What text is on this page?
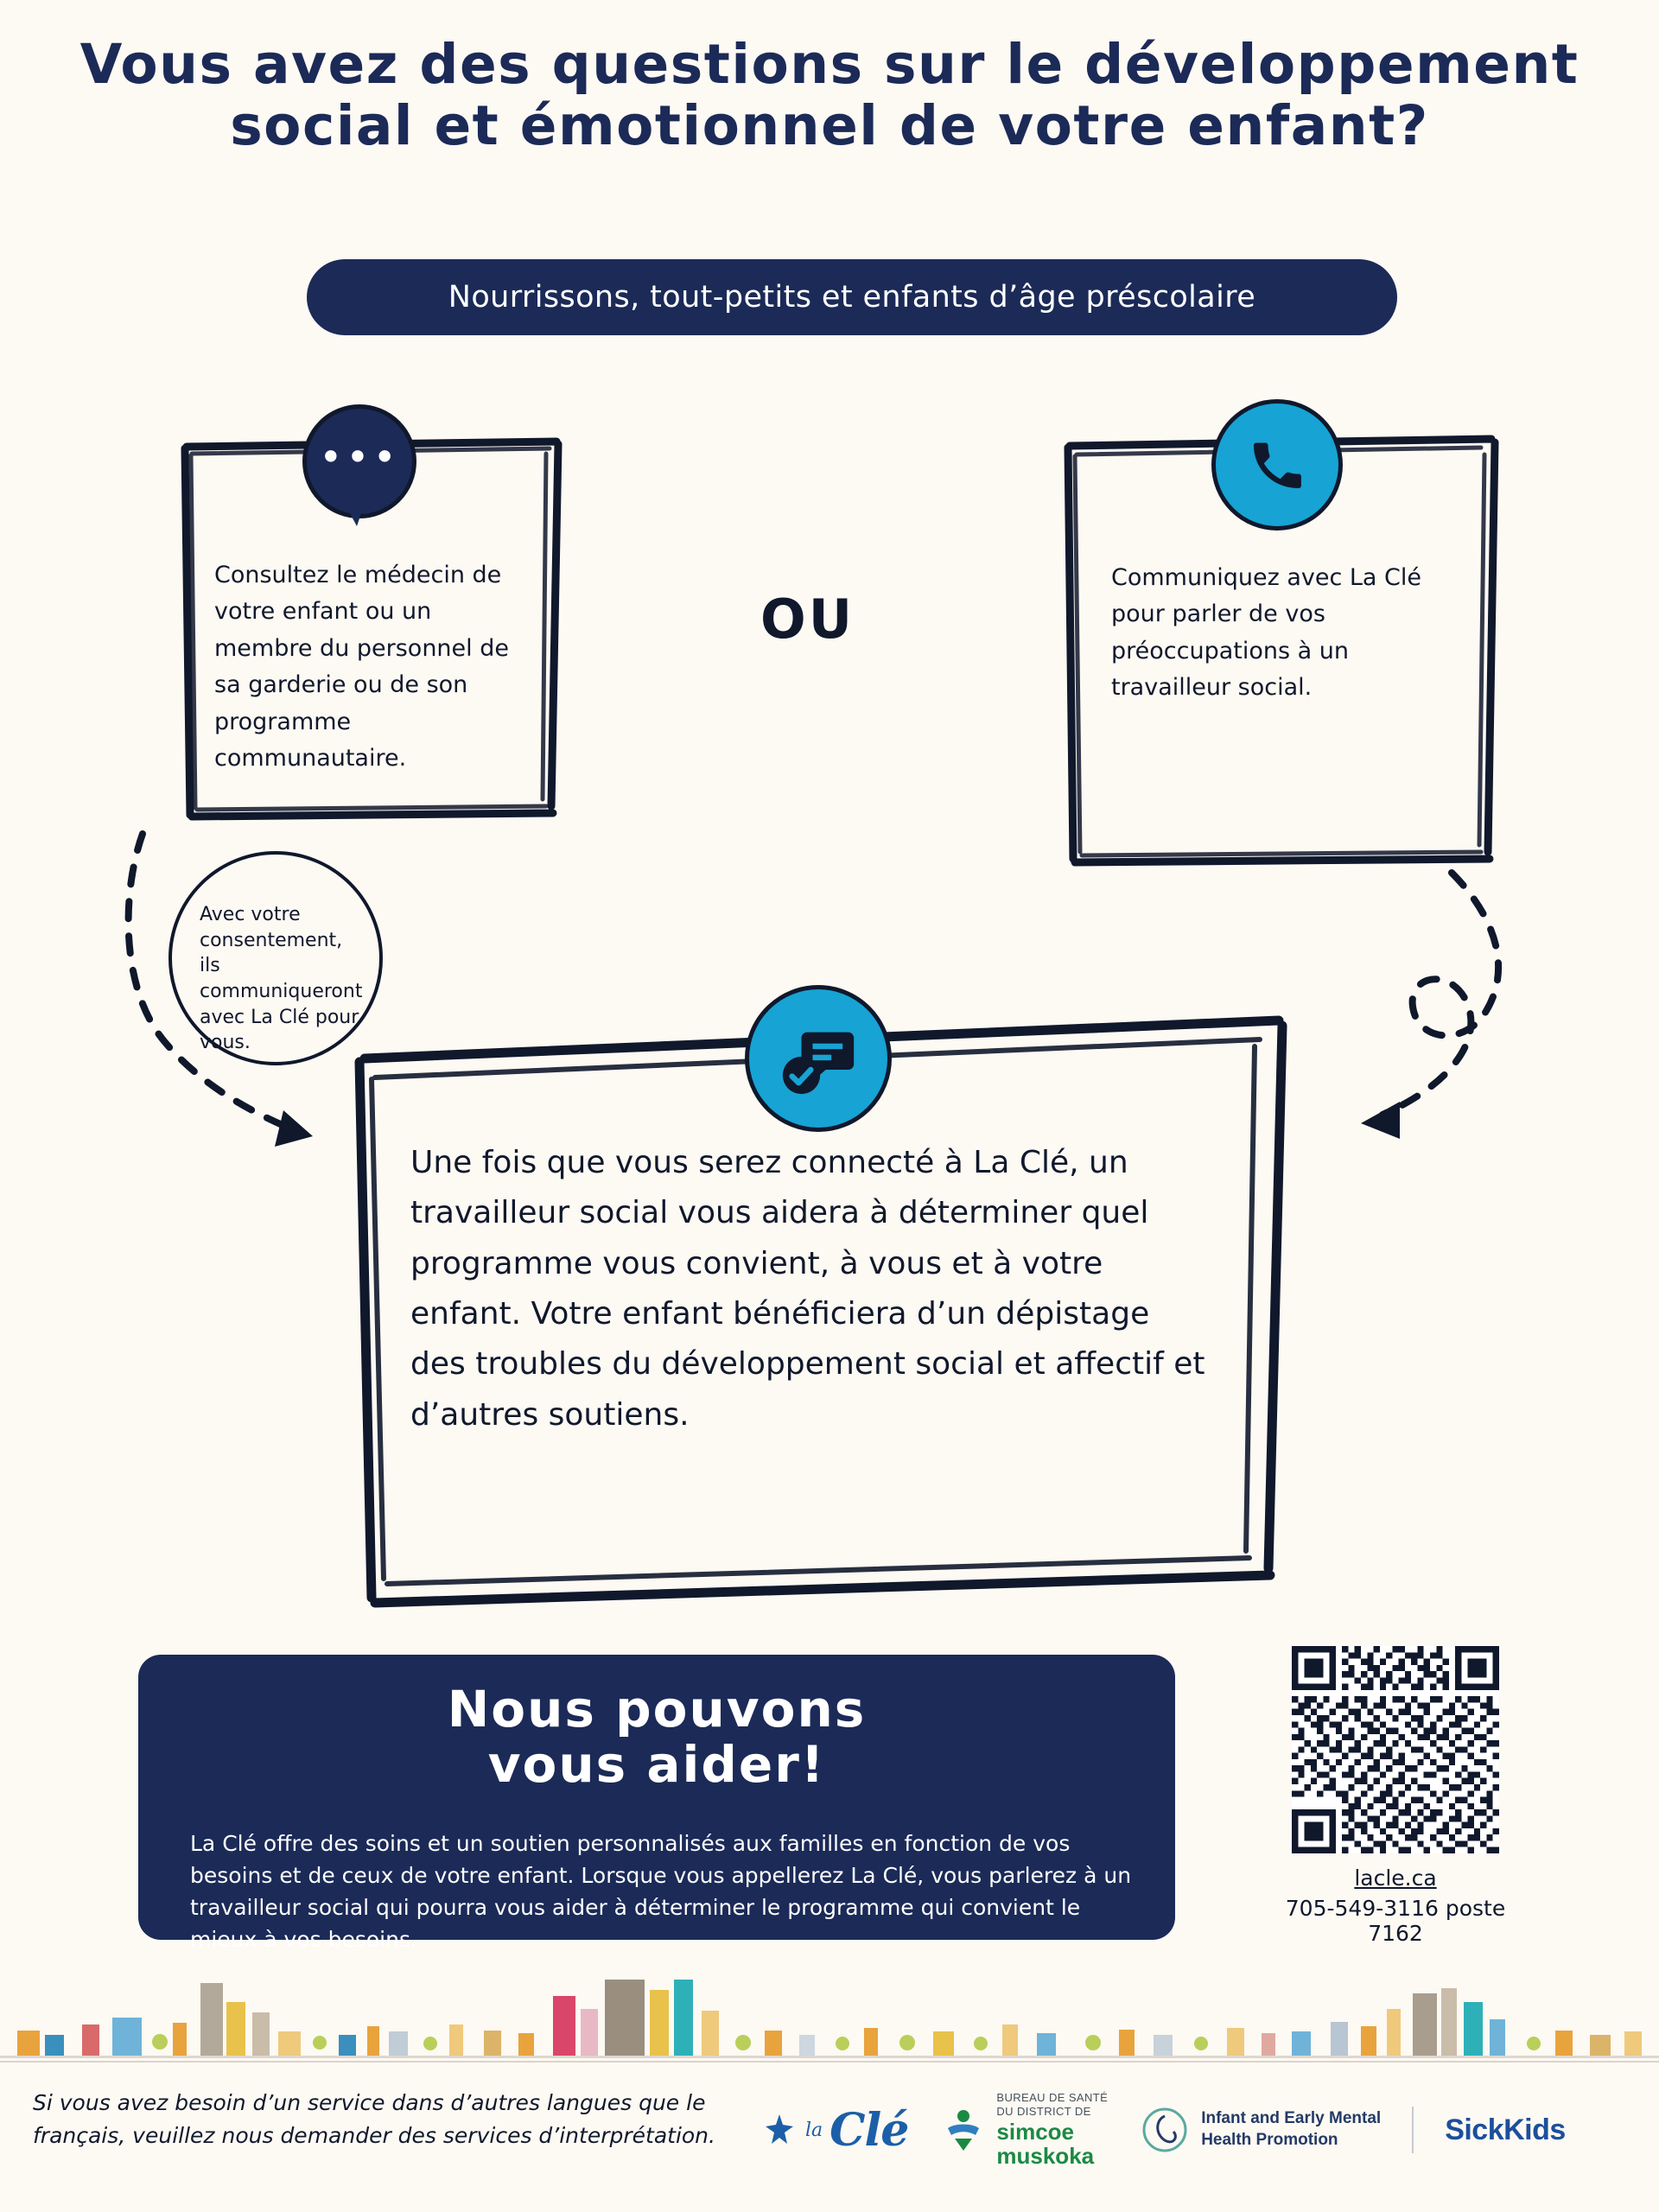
Vous avez des questions sur le développement social et émotionnel de votre enfant?
Nourrissons, tout-petits et enfants d’âge préscolaire
Consultez le médecin de votre enfant ou un membre du personnel de sa garderie ou de son programme communautaire.
•••
OU
Communiquez avec La Clé pour parler de vos préoccupations à un travailleur social.
Avec votre consentement, ils communiqueront avec La Clé pour vous.
Une fois que vous serez connecté à La Clé, un travailleur social vous aidera à déterminer quel programme vous convient, à vous et à votre enfant. Votre enfant bénéficiera d’un dépistage des troubles du développement social et affectif et d’autres soutiens.
Nous pouvons
vous aider!
La Clé offre des soins et un soutien personnalisés aux familles en fonction de vos besoins et de ceux de votre enfant. Lorsque vous appellerez La Clé, vous parlerez à un travailleur social qui pourra vous aider à déterminer le programme qui convient le mieux à vos besoins.
lacle.ca
705-549-3116 poste 7162
Si vous avez besoin d’un service dans d’autres langues que le français, veuillez nous demander des services d’interprétation.	la Clé
BUREAU DE SANTÉ
DU DISTRICT DE
simcoe
muskoka
Infant and Early Mental
Health Promotion	SickKids
